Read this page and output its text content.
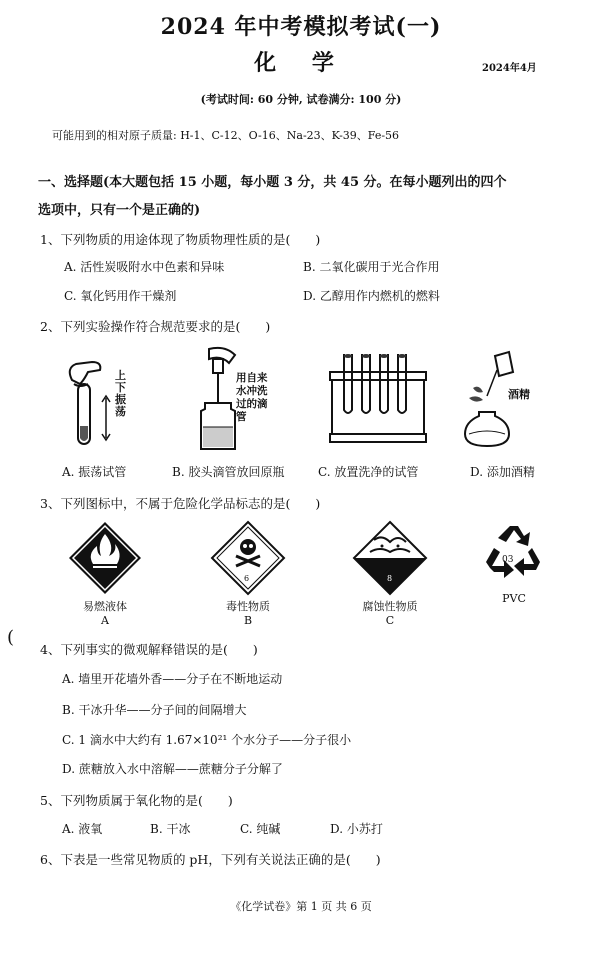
2024 年中考模拟考试(一)
化 学	2024年4月
(考试时间: 60 分钟, 试卷满分: 100 分)
可能用到的相对原子质量: H-1、C-12、O-16、Na-23、K-39、Fe-56
一、选择题(本大题包括 15 小题，每小题 3 分，共 45 分。在每小题列出的四个
选项中，只有一个是正确的)
1、下列物质的用途体现了物质物理性质的是(　　)
A. 活性炭吸附水中色素和异味	B. 二氧化碳用于光合作用
C. 氧化钙用作干燥剂	D. 乙醇用作内燃机的燃料
2、下列实验操作符合规范要求的是(　　)
上下振荡
用自来水冲洗过的滴管
酒精
A. 振荡试管	B. 胶头滴管放回原瓶	C. 放置洗净的试管	D. 添加酒精
3、下列图标中，不属于危险化学品标志的是(　　)
易燃液体
A
6
毒性物质
B
8
腐蚀性物质
C
03
PVC
(
4、下列事实的微观解释错误的是(　　)
A. 墙里开花墙外香——分子在不断地运动
B. 干冰升华——分子间的间隔增大
C. 1 滴水中大约有 1.67×10²¹ 个水分子——分子很小
D. 蔗糖放入水中溶解——蔗糖分子分解了
5、下列物质属于氧化物的是(　　)
A. 液氧	B. 干冰	C. 纯碱	D. 小苏打
6、下表是一些常见物质的 pH，下列有关说法正确的是(　　)
《化学试卷》第 1 页 共 6 页
